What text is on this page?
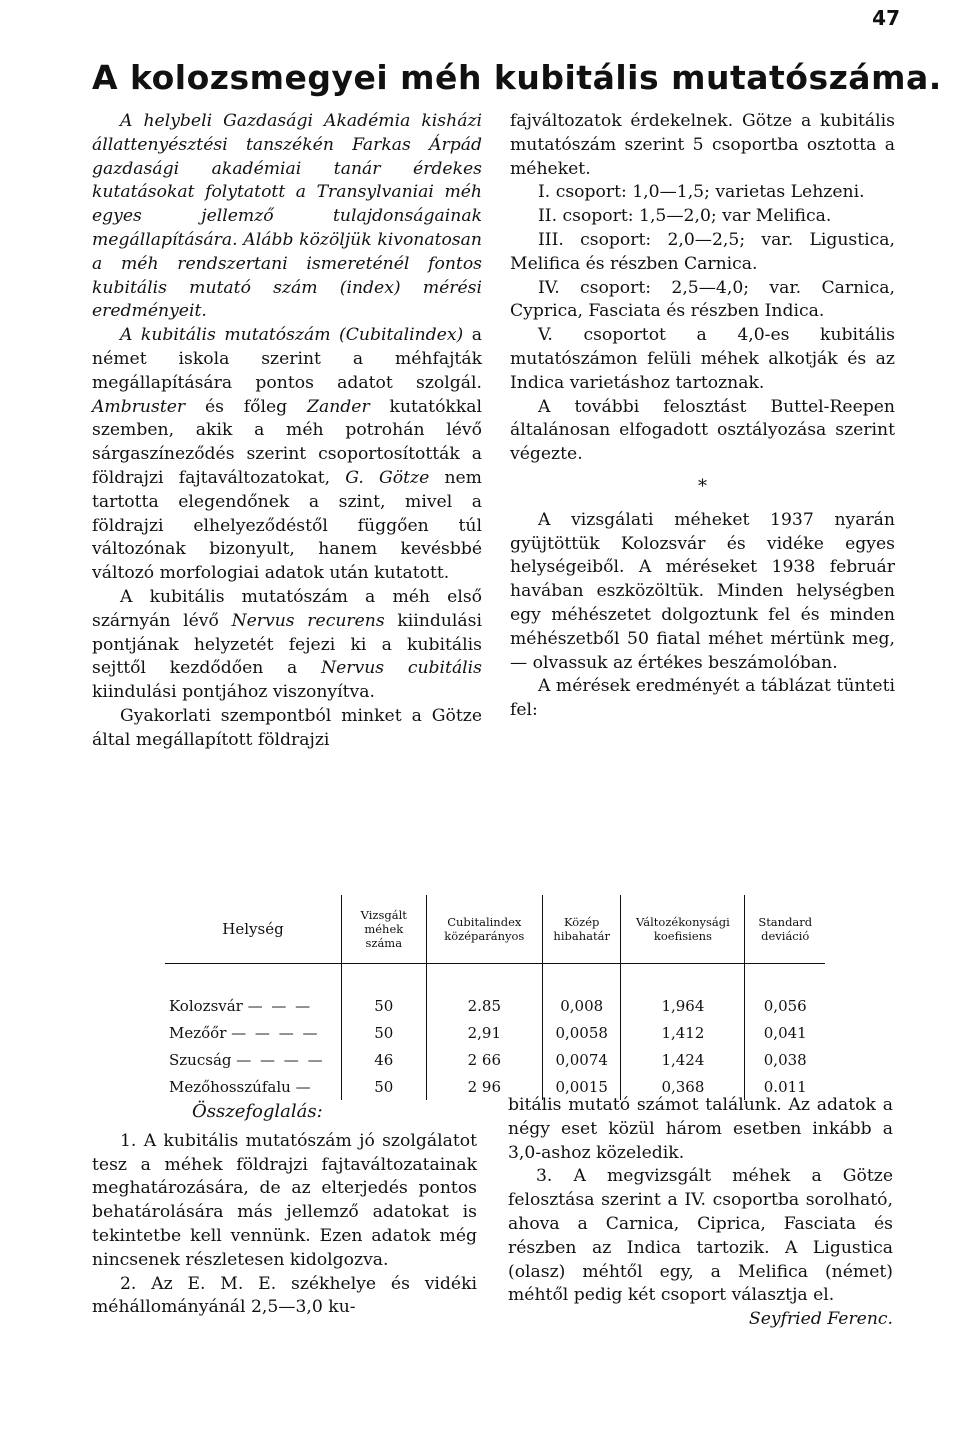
47
A kolozsmegyei méh kubitális mutatószáma.

A helybeli Gazdasági Akadémia kisházi állattenyésztési tanszékén Farkas Árpád gazdasági akadémiai tanár érdekes kutatásokat folytatott a Transylvaniai méh egyes jellemző tulajdonságainak megállapítására. Alább közöljük kivonatosan a méh rendszertani ismereténél fontos kubitális mutató szám (index) mérési eredményeit.

A kubitális mutatószám (Cubitalindex) a német iskola szerint a méhfajták megállapítására pontos adatot szolgál. Ambruster és főleg Zander kutatókkal szemben, akik a méh potrohán lévő sárgaszíneződés szerint csoportosították a földrajzi fajtaváltozatokat, G. Götze nem tartotta elegendőnek a szint, mivel a földrajzi elhelyeződéstől függően túl változónak bizonyult, hanem kevésbbé változó morfologiai adatok után kutatott.

A kubitális mutatószám a méh első szárnyán lévő Nervus recurens kiindulási pontjának helyzetét fejezi ki a kubitális sejttől kezdődően a Nervus cubitális kiindulási pontjához viszonyítva.

Gyakorlati szempontból minket a Götze által megállapított földrajzi

fajváltozatok érdekelnek. Götze a kubitális mutatószám szerint 5 csoportba osztotta a méheket.

I. csoport: 1,0—1,5; varietas Lehzeni.

II. csoport: 1,5—2,0; var Melifica.

III. csoport: 2,0—2,5; var. Ligustica, Melifica és részben Carnica.

IV. csoport: 2,5—4,0; var. Carnica, Cyprica, Fasciata és részben Indica.

V. csoportot a 4,0-es kubitális mutatószámon felüli méhek alkotják és az Indica varietáshoz tartoznak.

A további felosztást Buttel-Reepen általánosan elfogadott osztályozása szerint végezte.

*

A vizsgálati méheket 1937 nyarán gyüjtöttük Kolozsvár és vidéke egyes helységeiből. A méréseket 1938 február havában eszközöltük. Minden helységben egy méhészetet dolgoztunk fel és minden méhészetből 50 fiatal méhet mértünk meg, — olvassuk az értékes beszámolóban.

A mérések eredményét a táblázat tünteti fel:

Helység	Vizsgált méhek száma	Cubitalindex középarányos	Közép hibahatár	Változékonysági koefisiens	Standard deviáció
Kolozsvár — — —	50	2.85	0,008	1,964	0,056
Mezőőr — — — —	50	2,91	0,0058	1,412	0,041
Szucság — — — —	46	2 66	0,0074	1,424	0,038
Mezőhosszúfalu —	50	2 96	0,0015	0,368	0.011

Összefoglalás:

1. A kubitális mutatószám jó szolgálatot tesz a méhek földrajzi fajtaváltozatainak meghatározására, de az elterjedés pontos behatárolására más jellemző adatokat is tekintetbe kell vennünk. Ezen adatok még nincsenek részletesen kidolgozva.

2. Az E. M. E. székhelye és vidéki méhállományánál 2,5—3,0 ku-

bitális mutató számot találunk. Az adatok a négy eset közül három esetben inkább a 3,0-ashoz közeledik.

3. A megvizsgált méhek a Götze felosztása szerint a IV. csoportba sorolható, ahova a Carnica, Ciprica, Fasciata és részben az Indica tartozik. A Ligustica (olasz) méhtől egy, a Melifica (német) méhtől pedig két csoport választja el.

Seyfried Ferenc.
